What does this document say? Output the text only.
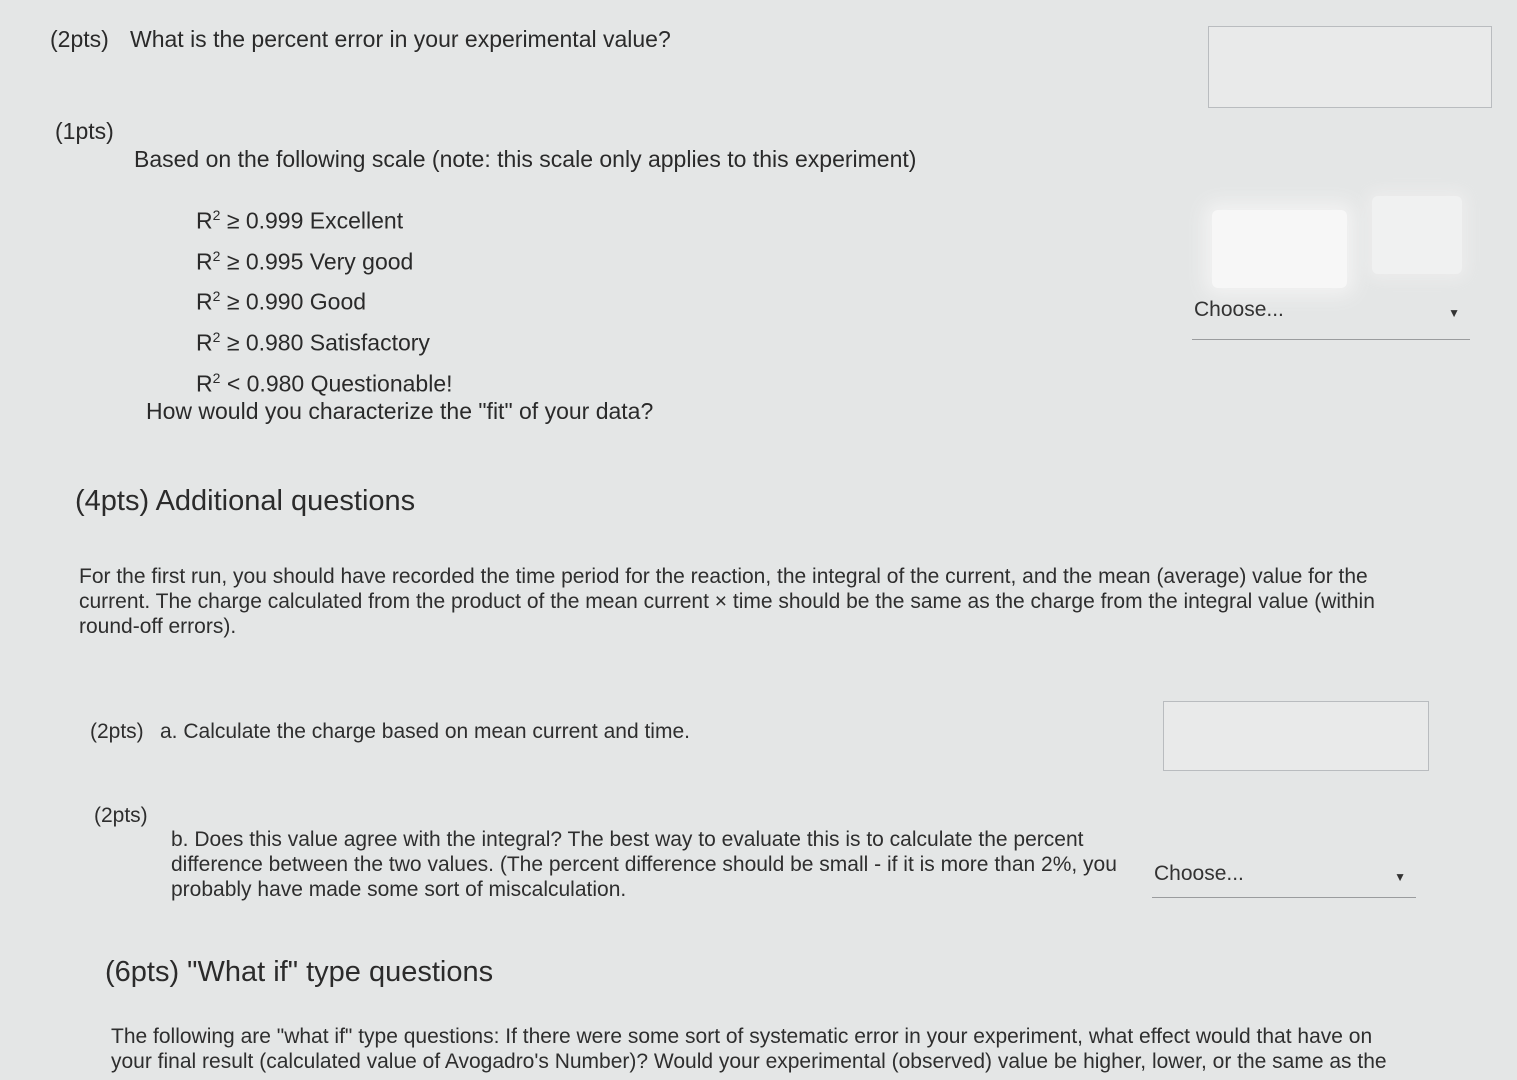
(2pts) What is the percent error in your experimental value?
(1pts)
Based on the following scale (note: this scale only applies to this experiment)
$R^2 \ge 0.999$ Excellent
$R^2 \ge 0.995$ Very good
$R^2 \ge 0.990$ Good
$R^2 \ge 0.980$ Satisfactory
$R^2 < 0.980$ Questionable!
How would you characterize the "fit" of your data?
Choose...	▼
(4pts) Additional questions
For the first run, you should have recorded the time period for the reaction, the integral of the current, and the mean (average) value for the current. The charge calculated from the product of the mean current × time should be the same as the charge from the integral value (within round-off errors).
(2pts) a. Calculate the charge based on mean current and time.
(2pts)
b. Does this value agree with the integral? The best way to evaluate this is to calculate the percent difference between the two values. (The percent difference should be small - if it is more than 2%, you probably have made some sort of miscalculation.
Choose...	▼
(6pts) "What if" type questions
The following are "what if" type questions: If there were some sort of systematic error in your experiment, what effect would that have on your final result (calculated value of Avogadro's Number)? Would your experimental (observed) value be higher, lower, or the same as the
